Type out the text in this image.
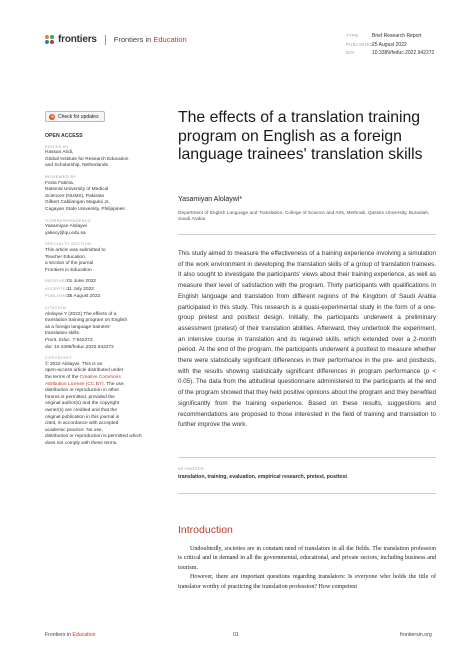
frontiers Frontiers in Education	TYPE	Brief Research Report
PUBLISHED25 August 2022
DOI	10.3389/feduc.2022.942272
Check for updates
OPEN ACCESS
EDITED BY

Hassan Ahdi,
Global Institute for Research Education
and Scholarship, Netherlands

REVIEWED BY

Fozia Fatima,
National University of Medical
Sciences (NUMS), Pakistan
Gilbert Cabilangan Maguloi Jr.,
Cagayan State University, Philippines

*CORRESPONDENCE

Yasamiyan Alolaywi
yaliecy@qu.edu.sa

SPECIALTY SECTION

This article was submitted to
Teacher Education,
a section of the journal
Frontiers in Education

RECEIVED01 June 2022
ACCEPTED11 July 2022
PUBLISHED25 August 2022
CITATION

Alolaywi Y (2022) The effects of a
translation training program on English
as a foreign language trainees'
translation skills.
Front. Educ. 7:942272.
doi: 10.3389/feduc.2022.942272

COPYRIGHT

© 2022 Alolaywi. This is an
open-access article distributed under
the terms of the Creative Commons
Attribution License (CC BY). The use,
distribution or reproduction in other
forums is permitted, provided the
original author(s) and the copyright
owner(s) are credited and that the
original publication in this journal is
cited, in accordance with accepted
academic practice. No use,
distribution or reproduction is permitted which
does not comply with these terms.

The effects of a translation training program on English as a foreign language trainees' translation skills
Yasamiyan Alolaywi*
Department of English Language and Translation, College of Science and Arts, Methnab, Qassim University, Buraidah, Saudi Arabia

This study aimed to measure the effectiveness of a training experience involving a simulation of the work environment in developing the translation skills of a group of translation trainees. It also sought to investigate the participants' views about their training experience, as well as measure their level of satisfaction with the program. Thirty participants with qualifications in English language and translation from different regions of the Kingdom of Saudi Arabia participated in this study. This research is a quasi-experimental study in the form of a one-group pretest and posttest design. Initially, the participants underwent a preliminary assessment (pretest) of their translation abilities. Afterward, they undertook the experiment, an intensive course in translation and its required skills, which extended over a 2-month period. At the end of the program, the participants underwent a posttest to measure whether there were statistically significant differences in their performance in the pre- and posttests, with the results showing statistically significant differences in program performance (p < 0.05). The data from the attitudinal questionnaire administered to the participants at the end of the program showed that they held positive opinions about the program and they benefited significantly from the training experience. Based on these results, suggestions and recommendations are proposed to those interested in the field of training and translation to further improve the work.

KEYWORDS
translation, training, evaluation, empirical research, pretest, posttest
Introduction

Undoubtedly, societies are in constant need of translators in all the fields. The translation profession is critical and in demand in all the governmental, educational, and private sectors, including business and tourism.

However, there are important questions regarding translators: Is everyone who holds the title of translator worthy of practicing the translation profession? How competent

Frontiers in Education	01	frontiersin.org
